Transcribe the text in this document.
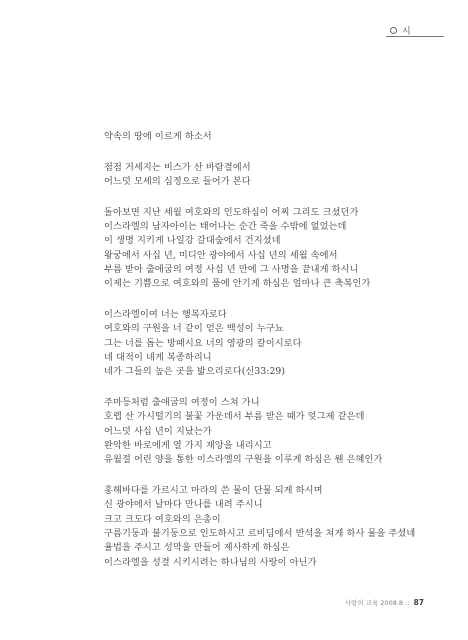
시
약속의 땅에 이르게 하소서
점점 거세지는 비스가 산 바람결에서
어느덧 모세의 심정으로 들어가 본다
돌아보면 지난 세월 여호와의 인도하심이 어찌 그리도 크셨던가
이스라엘의 남자아이는 태어나는 순간 죽을 수밖에 없었는데
이 생명 지키게 나일강 갈대숲에서 건지셨네
왕궁에서 사십 년, 미디안 광야에서 사십 년의 세월 속에서
부름 받아 출애굽의 여정 사십 년 만에 그 사명을 끝내게 하시니
이제는 기쁨으로 여호와의 품에 안기게 하심은 얼마나 큰 축복인가
이스라엘이여 너는 행복자로다
여호와의 구원을 너 같이 얻은 백성이 누구뇨
그는 너를 돕는 방패시요 너의 영광의 칼이시로다
네 대적이 네게 복종하리니
네가 그들의 높은 곳을 밟으리로다(신33:29)
주마등처럼 출애굽의 여정이 스쳐 가니
호렙 산 가시떨기의 불꽃 가운데서 부름 받은 때가 엊그제 같은데
어느덧 사십 년이 지났는가
완악한 바로에게 열 가지 재앙을 내리시고
유월절 어린 양을 통한 이스라엘의 구원을 이루게 하심은 웬 은혜인가
홍해바다를 가르시고 마라의 쓴 물이 단물 되게 하시며
신 광야에서 날마다 만나를 내려 주시니
크고 크도다 여호와의 은총이
구름기둥과 불기둥으로 인도하시고 르비딤에서 반석을 쳐게 하사 물을 주셨네
율법을 주시고 성막을 만들어 제사하게 하심은
이스라엘을 성결 시키시려는 하나님의 사랑이 아닌가
사랑의 교육 2008.8 :: 87
